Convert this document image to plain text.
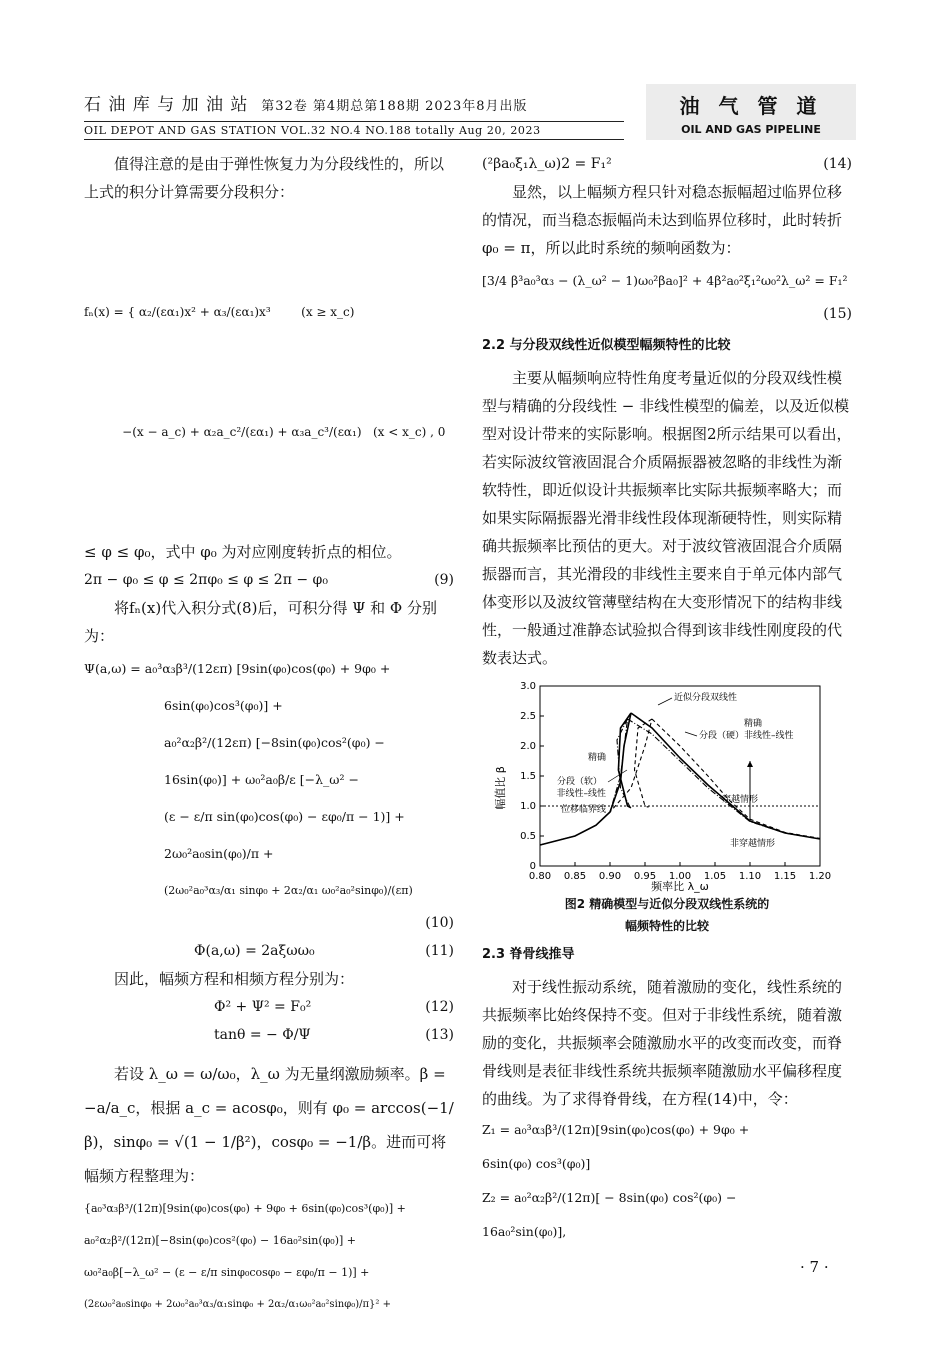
石 油 库 与 加 油 站 第32卷 第4期总第188期 2023年8月出版
OIL DEPOT AND GAS STATION VOL.32 NO.4 NO.188 totally Aug 20, 2023
油 气 管 道
OIL AND GAS PIPELINE

值得注意的是由于弹性恢复力为分段线性的，所以上式的积分计算需要分段积分：

fₙ(x) = { α₂/(εα₁)x² + α₃/(εα₁)x³        (x ≥ x_c)

−(x − a_c) + α₂a_c²/(εα₁) + α₃a_c³/(εα₁)   (x < x_c) , 0

≤ φ ≤ φ₀，式中 φ₀ 为对应刚度转折点的相位。

2π − φ₀ ≤ φ ≤ 2πφ₀ ≤ φ ≤ 2π − φ₀	(9)

将fₙ(x)代入积分式(8)后，可积分得 Ψ 和 Φ 分别为：

Ψ(a,ω) = a₀³α₃β³/(12επ) [9sin(φ₀)cos(φ₀) + 9φ₀ +
6sin(φ₀)cos³(φ₀)] +
a₀²α₂β²/(12επ) [−8sin(φ₀)cos²(φ₀) −
16sin(φ₀)] + ω₀²a₀β/ε [−λ_ω² −
(ε − ε/π sin(φ₀)cos(φ₀) − εφ₀/π − 1)] +
2ω₀²a₀sin(φ₀)/π +
(2ω₀²a₀³α₃/α₁ sinφ₀ + 2α₂/α₁ ω₀²a₀²sinφ₀)/(επ)
(10)
Φ(a,ω) = 2aξωω₀	(11)

因此，幅频方程和相频方程分别为：

Φ² + Ψ² = F₀²	(12)
tanθ = − Φ/Ψ	(13)

若设 λ_ω = ω/ω₀，λ_ω 为无量纲激励频率。β = −a/a_c，根据 a_c = acosφ₀，则有 φ₀ = arccos(−1/β)，sinφ₀ = √(1 − 1/β²)，cosφ₀ = −1/β。进而可将幅频方程整理为：

{a₀³α₃β³/(12π)[9sin(φ₀)cos(φ₀) + 9φ₀ + 6sin(φ₀)cos³(φ₀)] +
a₀²α₂β²/(12π)[−8sin(φ₀)cos²(φ₀) − 16a₀²sin(φ₀)] +
ω₀²a₀β[−λ_ω² − (ε − ε/π sinφ₀cosφ₀ − εφ₀/π − 1)] +
(2εω₀²a₀sinφ₀ + 2ω₀²a₀³α₃/α₁sinφ₀ + 2α₂/α₁ω₀²a₀²sinφ₀)/π}² +
(²βa₀ξ₁λ_ω)2 = F₁²	(14)

显然，以上幅频方程只针对稳态振幅超过临界位移的情况，而当稳态振幅尚未达到临界位移时，此时转折 φ₀ = π，所以此时系统的频响函数为：

[3/4 β³a₀³α₃ − (λ_ω² − 1)ω₀²βa₀]² + 4β²a₀²ξ₁²ω₀²λ_ω² = F₁²
(15)
2.2 与分段双线性近似模型幅频特性的比较

主要从幅频响应特性角度考量近似的分段双线性模型与精确的分段线性 − 非线性模型的偏差，以及近似模型对设计带来的实际影响。根据图2所示结果可以看出，若实际波纹管液固混合介质隔振器被忽略的非线性为渐软特性，即近似设计共振频率比实际共振频率略大；而如果实际隔振器光滑非线性段体现渐硬特性，则实际精确共振频率比预估的更大。对于波纹管液固混合介质隔振器而言，其光滑段的非线性主要来自于单元体内部气体变形以及波纹管薄壁结构在大变形情况下的结构非线性，一般通过准静态试验拟合得到该非线性刚度段的代数表达式。

0.80 0.85 0.90 0.95 1.00 1.05 1.10 1.15 1.20
0
0.5
1.0
1.5
2.0
2.5
3.0
幅值比 β
频率比 λ_ω
近似分段双线性
精确
分段（硬）非线性–线性
精确
分段（软）
非线性–线性
位移临界线
穿越情形
非穿越情形
图2 精确模型与近似分段双线性系统的
幅频特性的比较
2.3 脊骨线推导

对于线性振动系统，随着激励的变化，线性系统的共振频率比始终保持不变。但对于非线性系统，随着激励的变化，共振频率会随激励水平的改变而改变，而脊骨线则是表征非线性系统共振频率随激励水平偏移程度的曲线。为了求得脊骨线，在方程(14)中，令：

Z₁ = a₀³α₃β³/(12π)[9sin(φ₀)cos(φ₀) + 9φ₀ +
6sin(φ₀) cos³(φ₀)]
Z₂ = a₀²α₂β²/(12π)[ − 8sin(φ₀) cos²(φ₀) −
16a₀²sin(φ₀)],
· 7 ·
